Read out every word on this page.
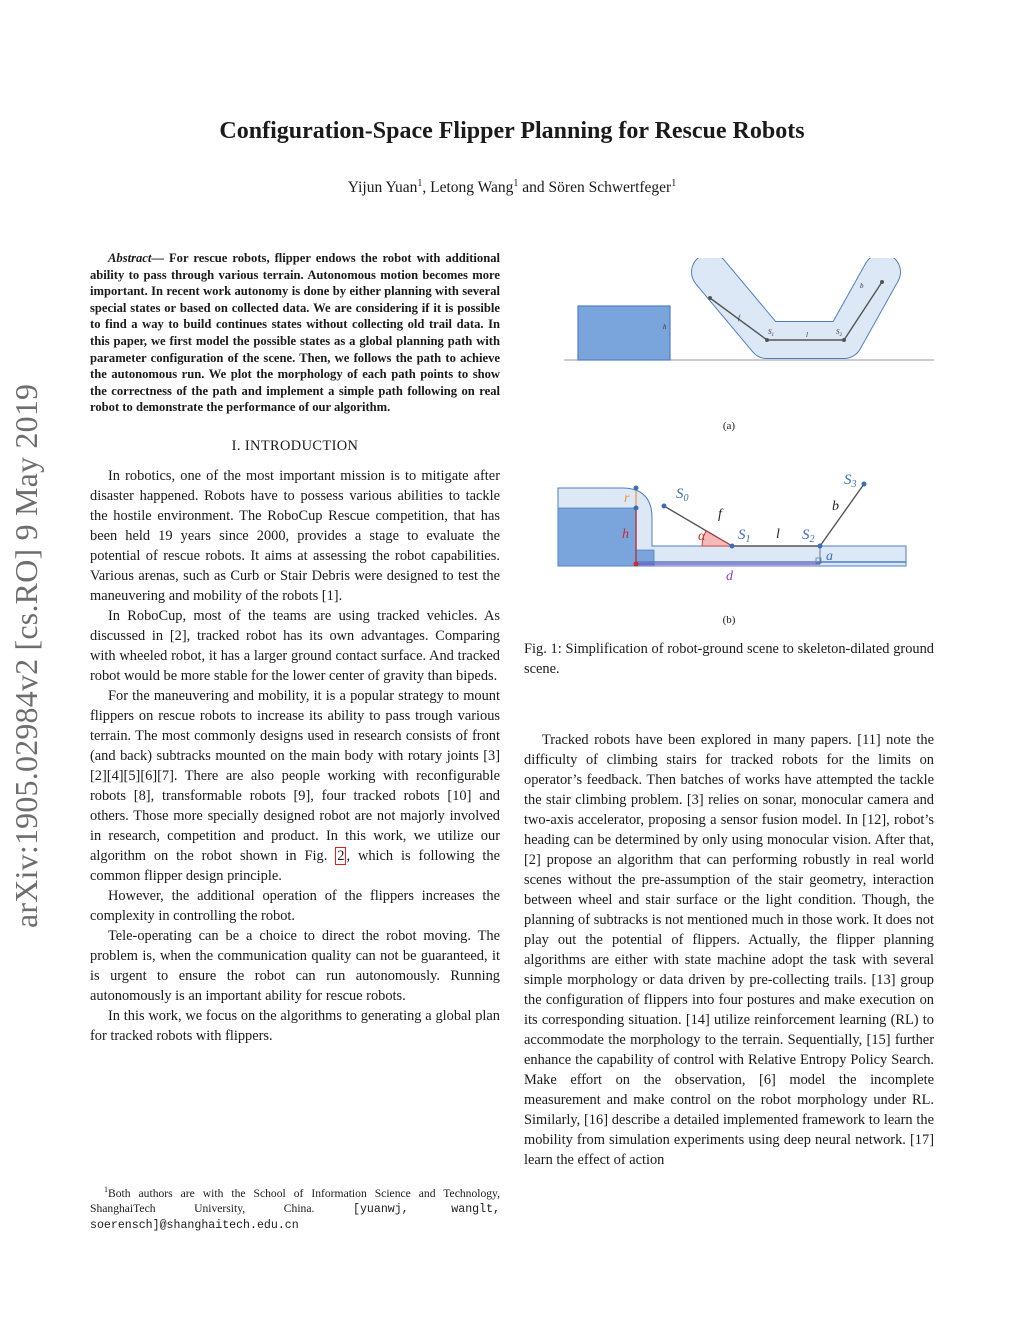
arXiv:1905.02984v2 [cs.RO] 9 May 2019
Configuration-Space Flipper Planning for Rescue Robots
Yijun Yuan$^1$, Letong Wang$^1$ and Sören Schwertfeger$^1$

Abstract— For rescue robots, flipper endows the robot with additional ability to pass through various terrain. Autonomous motion becomes more important. In recent work autonomy is done by either planning with several special states or based on collected data. We are considering if it is possible to find a way to build continues states without collecting old trail data. In this paper, we first model the possible states as a global planning path with parameter configuration of the scene. Then, we follows the path to achieve the autonomous run. We plot the morphology of each path points to show the correctness of the path and implement a simple path following on real robot to demonstrate the performance of our algorithm.

I. INTRODUCTION

In robotics, one of the most important mission is to mitigate after disaster happened. Robots have to possess various abilities to tackle the hostile environment. The RoboCup Rescue competition, that has been held 19 years since 2000, provides a stage to evaluate the potential of rescue robots. It aims at assessing the robot capabilities. Various arenas, such as Curb or Stair Debris were designed to test the maneuvering and mobility of the robots [1].

In RoboCup, most of the teams are using tracked vehicles. As discussed in [2], tracked robot has its own advantages. Comparing with wheeled robot, it has a larger ground contact surface. And tracked robot would be more stable for the lower center of gravity than bipeds.

For the maneuvering and mobility, it is a popular strategy to mount flippers on rescue robots to increase its ability to pass trough various terrain. The most commonly designs used in research consists of front (and back) subtracks mounted on the main body with rotary joints [3][2][4][5][6][7]. There are also people working with reconfigurable robots [8], transformable robots [9], four tracked robots [10] and others. Those more specially designed robot are not majorly involved in research, competition and product. In this work, we utilize our algorithm on the robot shown in Fig. 2 , which is following the common flipper design principle.

However, the additional operation of the flippers increases the complexity in controlling the robot.

Tele-operating can be a choice to direct the robot moving. The problem is, when the communication quality can not be guaranteed, it is urgent to ensure the robot can run autonomously. Running autonomously is an important ability for rescue robots.

In this work, we focus on the algorithms to generating a global plan for tracked robots with flippers.

$^1$Both authors are with the School of Information Science and Technology, ShanghaiTech University, China. [yuanwj, wanglt, soerensch]@shanghaitech.edu.cn
h
f
$S_1$	l	$S_2$
b
(a)
r
h
$S_0$
f
α $S_1$ l $S_2$
a
$S_3$
b
d
(b)
Fig. 1: Simplification of robot-ground scene to skeleton-dilated ground scene.

Tracked robots have been explored in many papers. [11] note the difficulty of climbing stairs for tracked robots for the limits on operator’s feedback. Then batches of works have attempted the tackle the stair climbing problem. [3] relies on sonar, monocular camera and two-axis accelerator, proposing a sensor fusion model. In [12], robot’s heading can be determined by only using monocular vision. After that, [2] propose an algorithm that can performing robustly in real world scenes without the pre-assumption of the stair geometry, interaction between wheel and stair surface or the light condition. Though, the planning of subtracks is not mentioned much in those work. It does not play out the potential of flippers. Actually, the flipper planning algorithms are either with state machine adopt the task with several simple morphology or data driven by pre-collecting trails. [13] group the configuration of flippers into four postures and make execution on its corresponding situation. [14] utilize reinforcement learning (RL) to accommodate the morphology to the terrain. Sequentially, [15] further enhance the capability of control with Relative Entropy Policy Search. Make effort on the observation, [6] model the incomplete measurement and make control on the robot morphology under RL. Similarly, [16] describe a detailed implemented framework to learn the mobility from simulation experiments using deep neural network. [17] learn the effect of action
